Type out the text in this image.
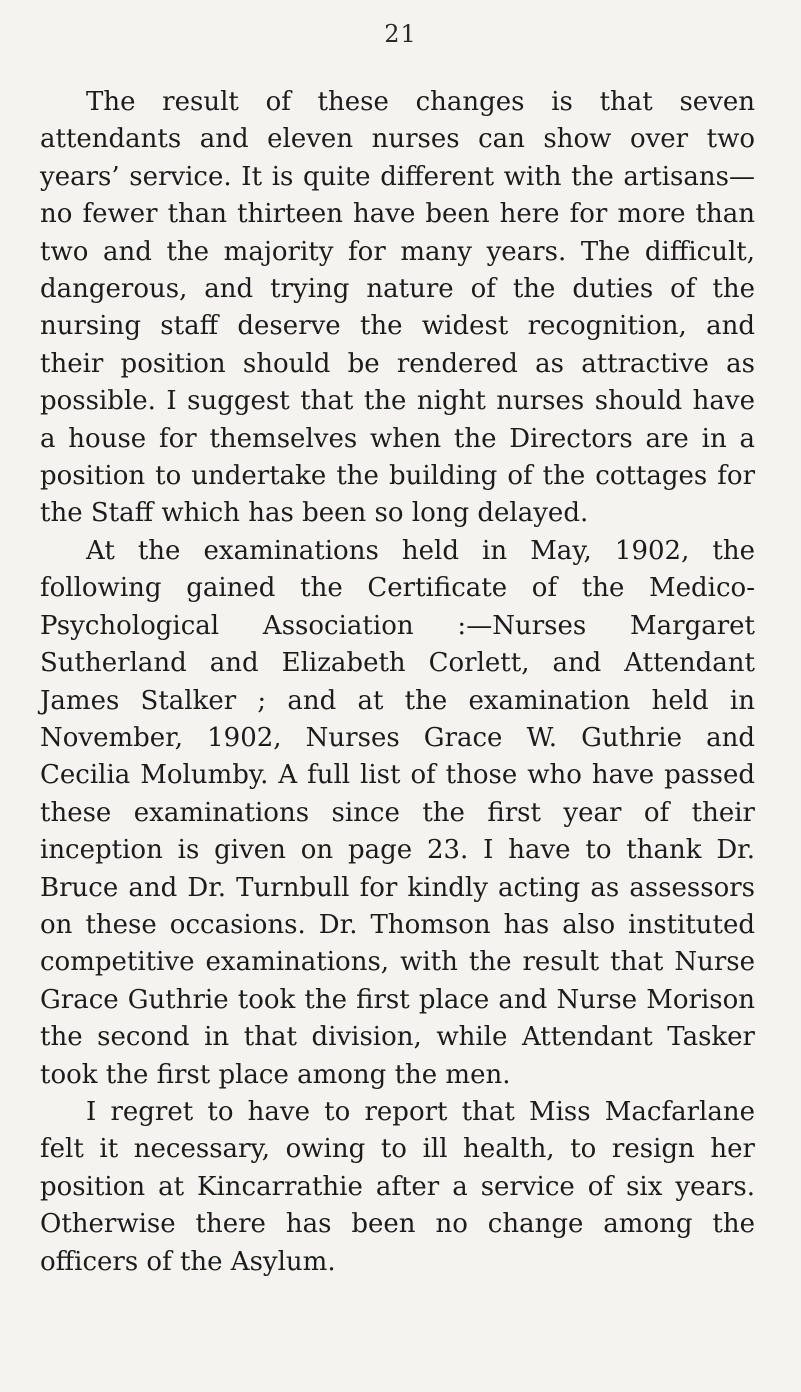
21

The result of these changes is that seven attendants and eleven nurses can show over two years’ service. It is quite different with the artisans—no fewer than thirteen have been here for more than two and the majority for many years. The difficult, dangerous, and trying nature of the duties of the nursing staff deserve the widest recognition, and their position should be rendered as attractive as possible. I suggest that the night nurses should have a house for themselves when the Directors are in a position to undertake the building of the cottages for the Staff which has been so long delayed.

At the examinations held in May, 1902, the following gained the Certificate of the Medico-Psychological Association :—Nurses Margaret Sutherland and Elizabeth Corlett, and Attendant James Stalker ; and at the examination held in November, 1902, Nurses Grace W. Guthrie and Cecilia Molumby. A full list of those who have passed these examinations since the first year of their inception is given on page 23. I have to thank Dr. Bruce and Dr. Turnbull for kindly acting as assessors on these occasions. Dr. Thomson has also instituted competitive examinations, with the result that Nurse Grace Guthrie took the first place and Nurse Morison the second in that division, while Attendant Tasker took the first place among the men.

I regret to have to report that Miss Macfarlane felt it necessary, owing to ill health, to resign her position at Kincarrathie after a service of six years. Otherwise there has been no change among the officers of the Asylum.
